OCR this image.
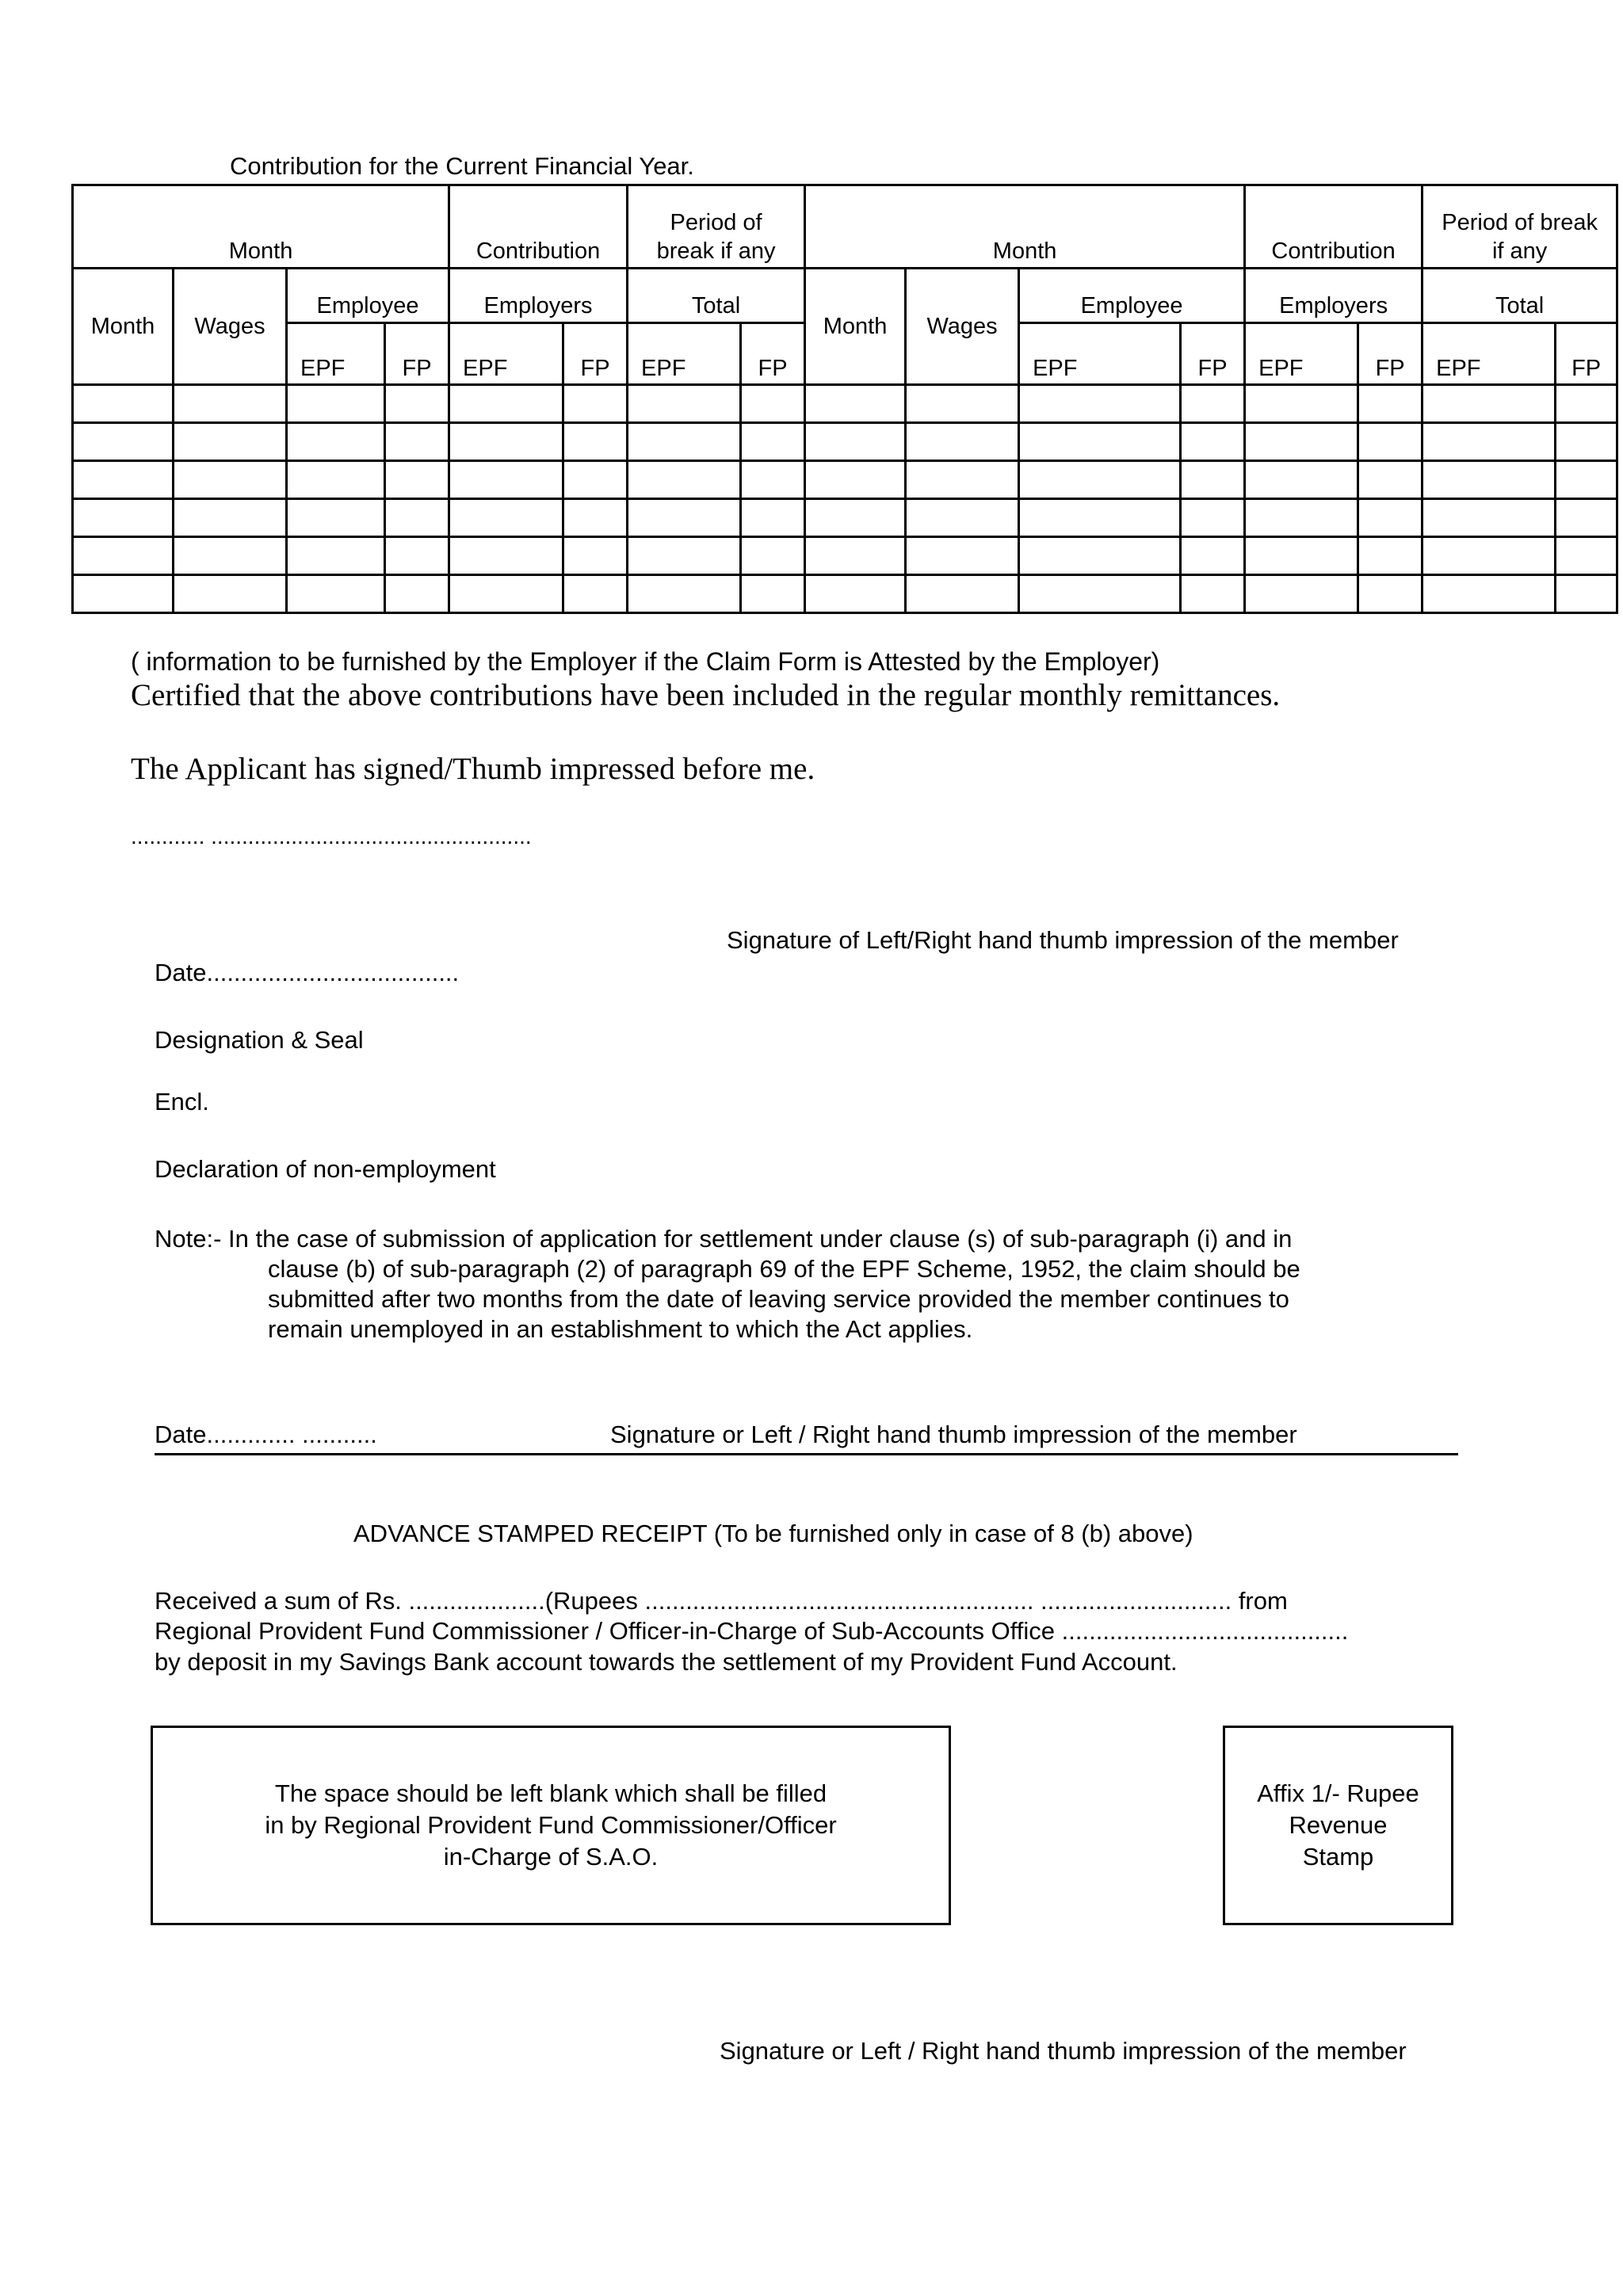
Contribution for the Current Financial Year.
Month				Contribution		Period of break if any		Month				Contribution		Period of break if any	
Month	Wages	Employee		Employers		Total		Month	Wages	Employee		Employers		Total	
		EPF	FP	EPF	FP	EPF	FP			EPF	FP	EPF	FP	EPF	FP

( information to be furnished by the Employer if the Claim Form is Attested by the Employer)
Certified that the above contributions have been included in the regular monthly remittances.
The Applicant has signed/Thumb impressed before me.
............ ....................................................
Signature of Left/Right hand thumb impression of the member
Date.....................................
Designation & Seal
Encl.
Declaration of non-employment
Note:- In the case of submission of application for settlement under clause (s) of sub-paragraph (i) and in
clause (b) of sub-paragraph (2) of paragraph 69 of the EPF Scheme, 1952, the claim should be
submitted after two months from the date of leaving service provided the member continues to
remain unemployed in an establishment to which the Act applies.
Date............. ...........	Signature or Left / Right hand thumb impression of the member
ADVANCE STAMPED RECEIPT (To be furnished only in case of 8 (b) above)
Received a sum of Rs. ....................(Rupees ......................................................... ............................ from
Regional Provident Fund Commissioner / Officer-in-Charge of Sub-Accounts Office ..........................................
by deposit in my Savings Bank account towards the settlement of my Provident Fund Account.
The space should be left blank which shall be filled
in by Regional Provident Fund Commissioner/Officer
in-Charge of S.A.O.
Affix 1/- Rupee
Revenue
Stamp
Signature or Left / Right hand thumb impression of the member
